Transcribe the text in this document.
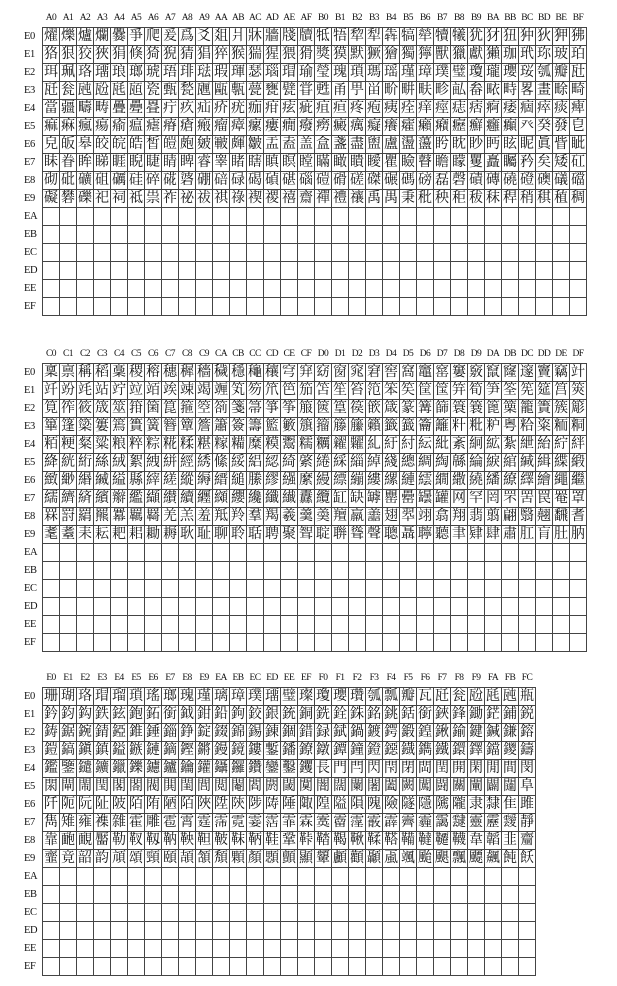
	A0	A1	A2	A3	A4	A5	A6	A7	A8	A9	AA	AB	AC	AD	AE	AF	B0	B1	B2	B3	B4	B5	B6	B7	B8	B9	BA	BB	BC	BD	BE	BF
E0	燿	爍	爐	爛	爨	爭	爬	爰	爲	爻	爼	爿	牀	牆	牋	牘	牴	牾	犂	犁	犇	犒	犖	犢	犧	犹	犲	狃	狆	狄	狎	狒
E1	狢	狠	狡	狹	狷	倏	猗	猊	猜	猖	猝	猴	猯	猩	猥	猾	獎	獏	默	獗	獪	獨	獰	獸	獵	獻	獺	珈	玳	珎	玻	珀
E2	珥	珮	珞	璢	琅	瑯	琥	珸	琲	琺	瑕	琿	瑟	瑙	瑁	瑜	瑩	瑰	瑣	瑪	瑶	瑾	璋	璞	璧	瓊	瓏	瓔	珱	瓠	瓣	瓧
E3	瓩	瓮	瓲	瓰	瓱	瓸	瓷	甄	甃	甅	甌	甎	甍	甕	甓	甞	甦	甬	甼	畄	畍	畊	畉	畛	畆	畚	畩	畤	畧	畫	畭	畸
E4	當	疆	疇	畴	疊	疉	疂	疔	疚	疝	疥	疣	痂	疳	痃	疵	疽	疸	疼	疱	痍	痊	痒	痙	痣	痞	痾	痿	痼	瘁	痰	痺
E5	痲	痳	瘋	瘍	瘉	瘟	瘧	瘠	瘡	瘢	瘤	瘴	瘰	瘻	癇	癈	癆	癜	癘	癡	癢	癨	癩	癪	癧	癬	癰	癲	癶	癸	發	皀
E6	皃	皈	皋	皎	皖	皓	皙	皚	皰	皴	皸	皹	皺	盂	盍	盖	盒	盞	盡	盥	盧	盪	蘯	盻	眈	眇	眄	眩	眤	眞	眥	眦
E7	眛	眷	眸	睇	睚	睨	睫	睛	睥	睿	睾	睹	瞎	瞋	瞑	瞠	瞞	瞰	瞶	瞹	瞿	瞼	瞽	瞻	矇	矍	矗	矚	矜	矣	矮	矼
E8	砌	砒	礦	砠	礪	硅	碎	硴	碆	硼	碚	碌	碣	碵	碪	碯	磑	磆	磋	磔	碾	碼	磅	磊	磬	磧	磚	磽	磴	礇	礒	礑
E9	礙	礬	礫	祀	祠	祗	祟	祚	祕	祓	祺	祿	禊	禝	禧	齋	禪	禮	禳	禹	禺	秉	秕	秧	秬	秡	秣	稈	稍	稘	稙	稠
EA																																
EB																																
EC																																
ED																																
EE																																
EF																																
	C0	C1	C2	C3	C4	C5	C6	C7	C8	C9	CA	CB	CC	CD	CE	CF	D0	D1	D2	D3	D4	D5	D6	D7	D8	D9	DA	DB	DC	DD	DE	DF
E0	稟	禀	稱	稻	稾	稷	穃	穗	穉	穡	穢	穩	龝	穰	穹	穽	窈	窗	窕	窘	窖	窩	竈	窰	窶	竅	竄	窿	邃	竇	竊	竍
E1	竏	竕	竓	站	竚	竝	竡	竢	竦	竭	竰	笂	笏	笊	笆	笳	笘	笙	笞	笵	笨	笶	筐	筺	笄	筍	笋	筌	筅	筵	筥	筴
E2	筧	筰	筱	筬	筮	箝	箘	箟	箍	箜	箚	箋	箒	箏	筝	箙	篋	篁	篌	篏	箴	篆	篝	篩	簑	簔	篦	篥	籠	簀	簇	簓
E3	篳	篷	簗	簍	篶	簣	簧	簪	簟	簷	簫	簽	籌	籃	籔	籏	籀	籐	籘	籟	籤	籖	籥	籬	籵	粃	粐	粤	粭	粢	粫	粡
E4	粨	粳	粲	粱	粮	粹	粽	糀	糅	糂	糘	糒	糜	糢	鬻	糯	糲	糴	糶	糺	紆	紂	紜	紕	紊	絅	絋	紮	紲	紿	紵	絆
E5	絳	絖	絎	絲	絨	絮	絏	絣	經	綉	絛	綏	絽	綛	綺	綮	綣	綵	緇	綽	綫	總	綢	綯	緜	綸	綟	綰	緘	緝	緤	緞
E6	緻	緲	緡	縅	縊	縣	縡	縒	縱	縟	縉	縋	縢	繆	繦	縻	縵	縹	繃	縷	縲	縺	繧	繝	繖	繞	繙	繚	繹	繪	繩	繼
E7	繻	纃	緕	繽	辮	繿	纈	纉	續	纒	纐	纓	纔	纖	纎	纛	纜	缸	缺	罅	罌	罍	罎	罐	网	罕	罔	罘	罟	罠	罨	罩
E8	罧	罸	羂	羆	羃	羈	羇	羌	羔	羞	羝	羚	羣	羯	羲	羹	羮	羶	羸	譱	翅	翆	翊	翕	翔	翡	翦	翩	翳	翹	飜	耆
E9	耄	耋	耒	耘	耙	耜	耡	耨	耿	耻	聊	聆	聒	聘	聚	聟	聢	聨	聳	聲	聰	聶	聹	聽	聿	肄	肆	肅	肛	肓	肚	肭
EA																																
EB																																
EC																																
ED																																
EE																																
EF																																
	E0	E1	E2	E3	E4	E5	E6	E7	E8	E9	EA	EB	EC	ED	EE	EF	F0	F1	F2	F3	F4	F5	F6	F7	F8	F9	FA	FB	FC
E0	珊	瑚	珞	瑁	瑠	瑣	瑤	瑯	瑰	瑾	璃	璋	璞	璢	璧	璨	瓊	瓔	瓚	瓠	瓢	瓣	瓦	瓩	瓮	瓰	瓱	瓲	瓶
E1	鈐	鈞	鈎	鉄	鉉	鉋	鉐	銜	鉞	鉗	鉛	鉤	鉸	銀	銃	銅	銑	銓	銖	銘	銚	銛	銜	鋏	鋒	鋤	鋩	鋪	鋭
E2	鋳	鋸	鋺	錆	錏	錐	錘	錙	錚	錠	錣	錦	錫	錬	錮	錯	録	錻	鍋	鍍	鍔	鍛	鍠	鍬	鍮	鍵	鍼	鎌	鎔
E3	鎧	鎬	鎭	鎮	鎰	鏃	鏈	鏑	鏗	鏘	鏝	鏡	鏤	鏨	鐇	鐐	鐓	鐔	鐘	鐙	鐚	鐡	鐫	鐵	鐶	鐸	鐺	鑁	鑄
E4	鑑	鑒	鑓	鑛	鑞	鑠	鑢	鑪	鑰	鑵	鑷	鑼	鑽	鑾	鑿	钁	長	門	閂	閃	閇	閉	閊	閏	開	閑	閒	間	閔
E5	閖	閘	閙	閠	閣	閤	閥	閧	閨	閭	閲	閹	閻	閼	閾	闃	闇	闊	闌	闍	闔	闕	闖	闘	關	闡	闢	闥	阜
E6	阡	阨	阮	阯	陂	陌	陏	陋	陌	陜	陞	陝	陟	陦	陲	陬	隍	隘	隕	隗	險	隧	隱	隲	隴	隶	隸	隹	雎
E7	雋	雉	雍	襍	雜	霍	雕	雹	霄	霆	霈	霓	霎	霑	霏	霖	霙	霤	霪	霰	霹	霽	霾	靄	靆	靈	靂	靉	靜
E8	靠	靤	靦	靨	勒	靫	靱	靹	鞅	靼	鞁	靺	鞆	鞋	鞏	鞐	鞜	鞨	鞦	鞣	鞳	鞴	韃	韆	韈	韋	韜	韭	齏
E9	韲	竟	韶	韵	頏	頌	頸	頤	頡	頷	頽	顆	顏	顋	顫	顯	顰	顱	顴	顳	颪	颯	颱	颶	飄	飃	飆	飩	飫
EA																													
EB																													
EC																													
ED																													
EE																													
EF																													
